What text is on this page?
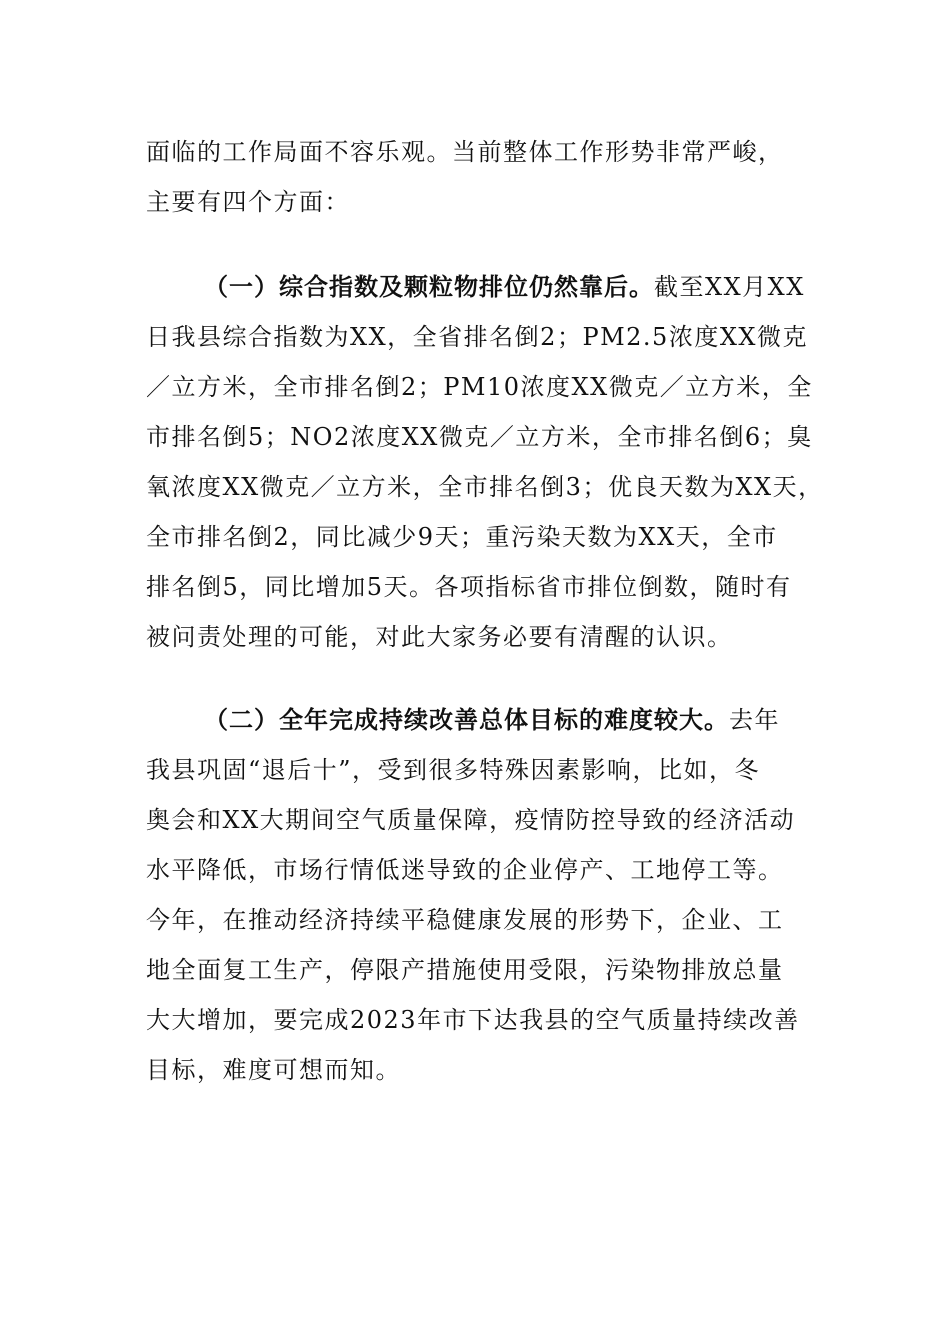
面临的工作局面不容乐观。当前整体工作形势非常严峻，
主要有四个方面：
（一）综合指数及颗粒物排位仍然靠后。截至XX月XX
日我县综合指数为XX，全省排名倒2；PM2.5浓度XX微克
／立方米，全市排名倒2；PM10浓度XX微克／立方米，全
市排名倒5；NO2浓度XX微克／立方米，全市排名倒6；臭
氧浓度XX微克／立方米，全市排名倒3；优良天数为XX天，
全市排名倒2，同比减少9天；重污染天数为XX天，全市
排名倒5，同比增加5天。各项指标省市排位倒数，随时有
被问责处理的可能，对此大家务必要有清醒的认识。
（二）全年完成持续改善总体目标的难度较大。去年
我县巩固“退后十”，受到很多特殊因素影响，比如，冬
奥会和XX大期间空气质量保障，疫情防控导致的经济活动
水平降低，市场行情低迷导致的企业停产、工地停工等。
今年，在推动经济持续平稳健康发展的形势下，企业、工
地全面复工生产，停限产措施使用受限，污染物排放总量
大大增加，要完成2023年市下达我县的空气质量持续改善
目标，难度可想而知。
